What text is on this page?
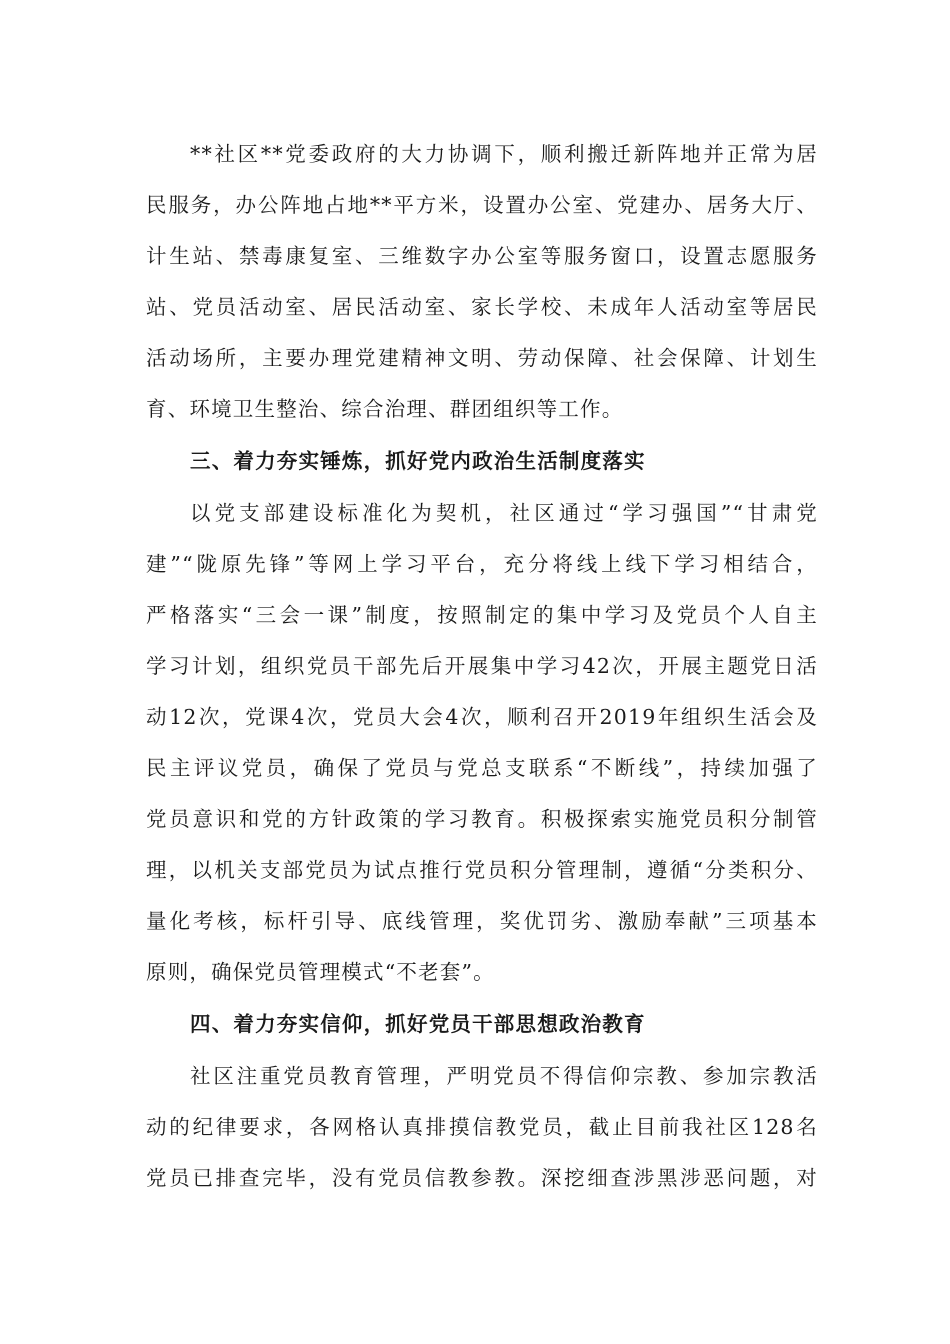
**社区**党委政府的大力协调下，顺利搬迁新阵地并正常为居
民服务，办公阵地占地**平方米，设置办公室、党建办、居务大厅、
计生站、禁毒康复室、三维数字办公室等服务窗口，设置志愿服务
站、党员活动室、居民活动室、家长学校、未成年人活动室等居民
活动场所，主要办理党建精神文明、劳动保障、社会保障、计划生
育、环境卫生整治、综合治理、群团组织等工作。
三、着力夯实锤炼，抓好党内政治生活制度落实
以党支部建设标准化为契机，社区通过“学习强国”“甘肃党
建”“陇原先锋”等网上学习平台，充分将线上线下学习相结合，
严格落实“三会一课”制度，按照制定的集中学习及党员个人自主
学习计划，组织党员干部先后开展集中学习42次，开展主题党日活
动12次，党课4次，党员大会4次，顺利召开2019年组织生活会及
民主评议党员，确保了党员与党总支联系“不断线”，持续加强了
党员意识和党的方针政策的学习教育。积极探索实施党员积分制管
理，以机关支部党员为试点推行党员积分管理制，遵循“分类积分、
量化考核，标杆引导、底线管理，奖优罚劣、激励奉献”三项基本
原则，确保党员管理模式“不老套”。
四、着力夯实信仰，抓好党员干部思想政治教育
社区注重党员教育管理，严明党员不得信仰宗教、参加宗教活
动的纪律要求，各网格认真排摸信教党员，截止目前我社区128名
党员已排查完毕，没有党员信教参教。深挖细查涉黑涉恶问题，对
